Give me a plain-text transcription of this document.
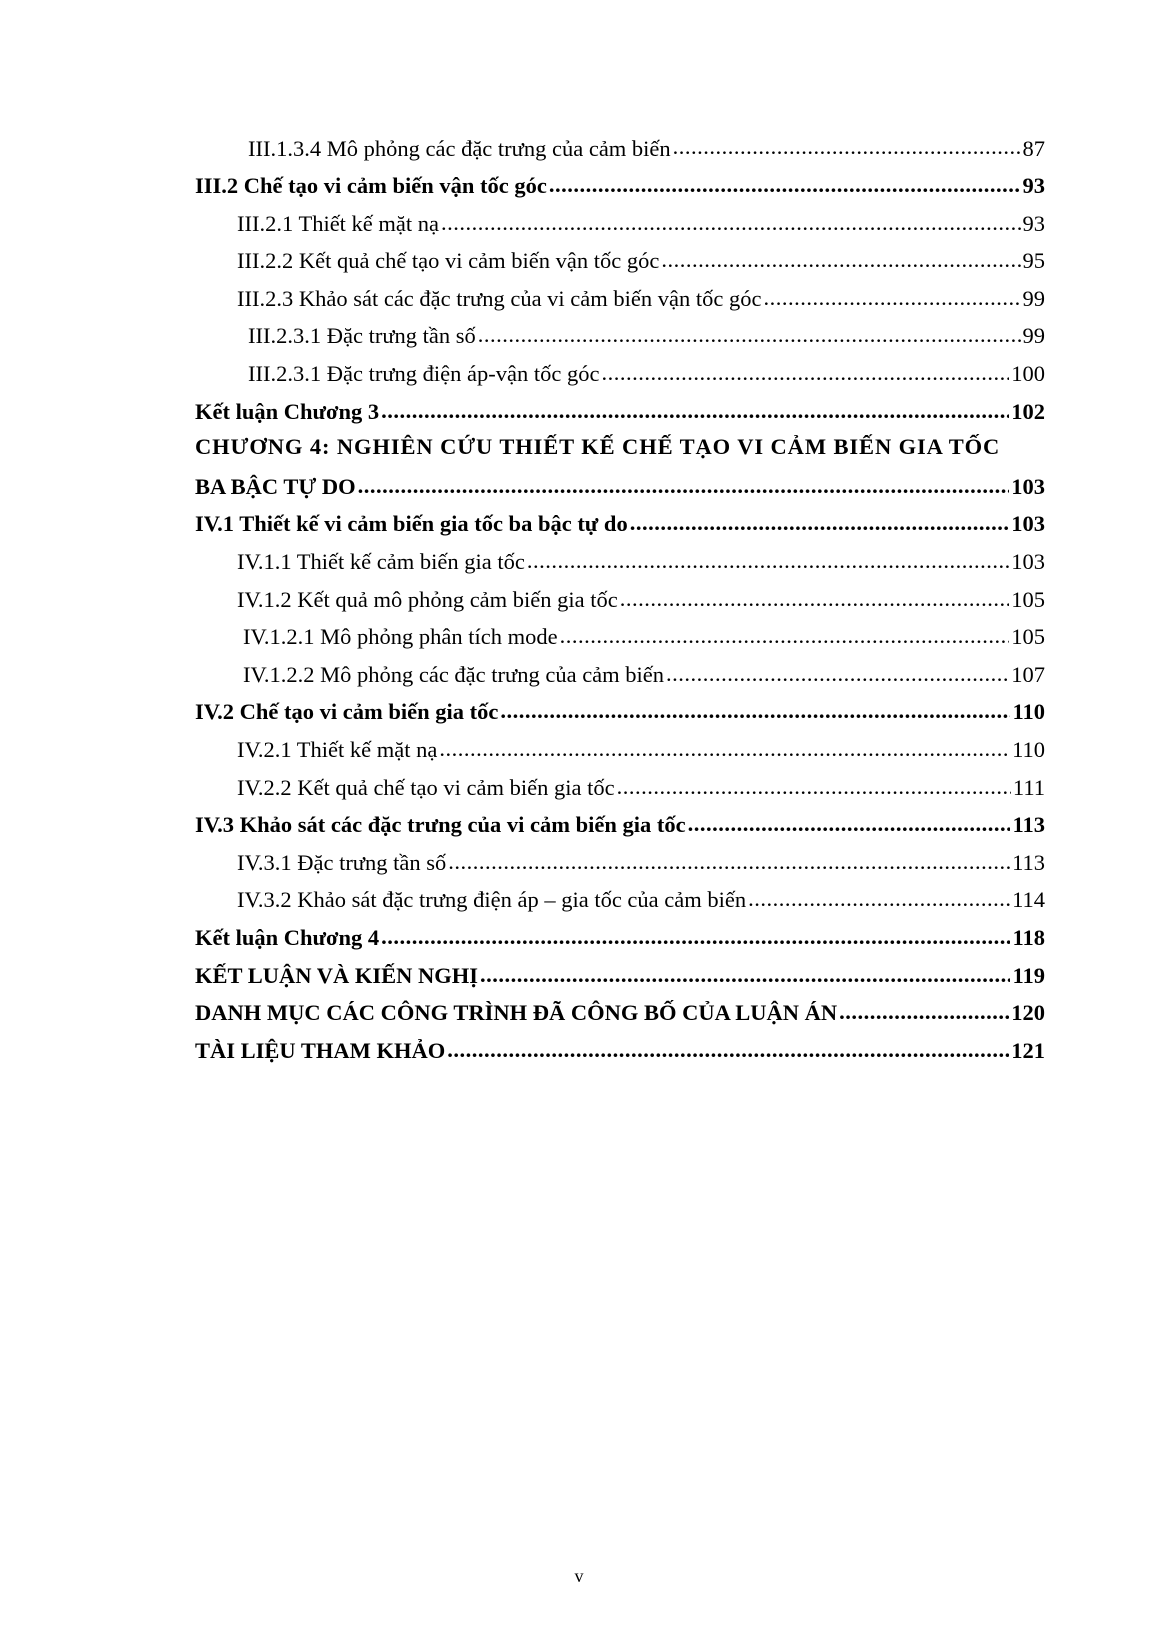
III.1.3.4 Mô phỏng các đặc trưng của cảm biến .....	87
III.2 Chế tạo vi cảm biến vận tốc góc .....	93
III.2.1 Thiết kế mặt nạ .....	93
III.2.2 Kết quả chế tạo vi cảm biến vận tốc góc .....	95
III.2.3 Khảo sát các đặc trưng của vi cảm biến vận tốc góc .....	99
III.2.3.1 Đặc trưng tần số .....	99
III.2.3.1 Đặc trưng điện áp-vận tốc góc .....	100
Kết luận Chương 3 .....	102
CHƯƠNG 4: NGHIÊN CỨU THIẾT KẾ CHẾ TẠO VI CẢM BIẾN GIA TỐC
BA BẬC TỰ DO .....	103
IV.1 Thiết kế vi cảm biến gia tốc ba bậc tự do .....	103
IV.1.1 Thiết kế cảm biến gia tốc .....	103
IV.1.2 Kết quả mô phỏng cảm biến gia tốc .....	105
IV.1.2.1 Mô phỏng phân tích mode .....	105
IV.1.2.2 Mô phỏng các đặc trưng của cảm biến .....	107
IV.2 Chế tạo vi cảm biến gia tốc .....	110
IV.2.1 Thiết kế mặt nạ .....	110
IV.2.2 Kết quả chế tạo vi cảm biến gia tốc .....	111
IV.3 Khảo sát các đặc trưng của vi cảm biến gia tốc .....	113
IV.3.1 Đặc trưng tần số .....	113
IV.3.2 Khảo sát đặc trưng điện áp – gia tốc của cảm biến .....	114
Kết luận Chương 4 .....	118
KẾT LUẬN VÀ KIẾN NGHỊ .....	119
DANH MỤC CÁC CÔNG TRÌNH ĐÃ CÔNG BỐ CỦA LUẬN ÁN .....	120
TÀI LIỆU THAM KHẢO .....	121
v
